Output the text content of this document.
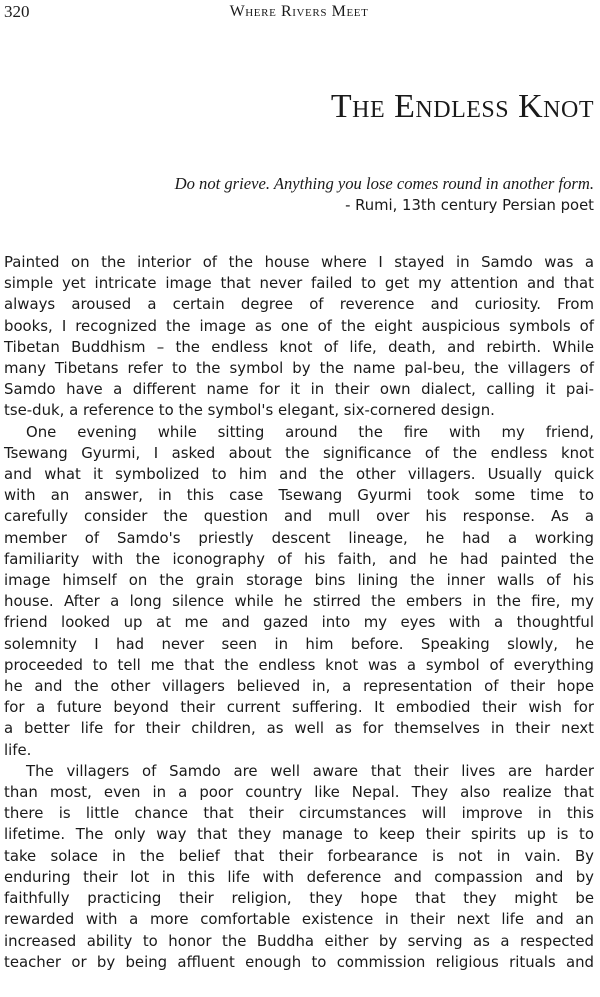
320	Where Rivers Meet
The Endless Knot
Do not grieve. Anything you lose comes round in another form.
- Rumi, 13th century Persian poet

Painted on the interior of the house where I stayed in Samdo was a
simple yet intricate image that never failed to get my attention and that
always aroused a certain degree of reverence and curiosity. From
books, I recognized the image as one of the eight auspicious symbols of
Tibetan Buddhism – the endless knot of life, death, and rebirth. While
many Tibetans refer to the symbol by the name pal-beu, the villagers of
Samdo have a different name for it in their own dialect, calling it pai-
tse-duk, a reference to the symbol's elegant, six-cornered design.

One evening while sitting around the fire with my friend,
Tsewang Gyurmi, I asked about the significance of the endless knot
and what it symbolized to him and the other villagers. Usually quick
with an answer, in this case Tsewang Gyurmi took some time to
carefully consider the question and mull over his response. As a
member of Samdo's priestly descent lineage, he had a working
familiarity with the iconography of his faith, and he had painted the
image himself on the grain storage bins lining the inner walls of his
house. After a long silence while he stirred the embers in the fire, my
friend looked up at me and gazed into my eyes with a thoughtful
solemnity I had never seen in him before. Speaking slowly, he
proceeded to tell me that the endless knot was a symbol of everything
he and the other villagers believed in, a representation of their hope
for a future beyond their current suffering. It embodied their wish for
a better life for their children, as well as for themselves in their next
life.

The villagers of Samdo are well aware that their lives are harder
than most, even in a poor country like Nepal. They also realize that
there is little chance that their circumstances will improve in this
lifetime. The only way that they manage to keep their spirits up is to
take solace in the belief that their forbearance is not in vain. By
enduring their lot in this life with deference and compassion and by
faithfully practicing their religion, they hope that they might be
rewarded with a more comfortable existence in their next life and an
increased ability to honor the Buddha either by serving as a respected
teacher or by being affluent enough to commission religious rituals and
